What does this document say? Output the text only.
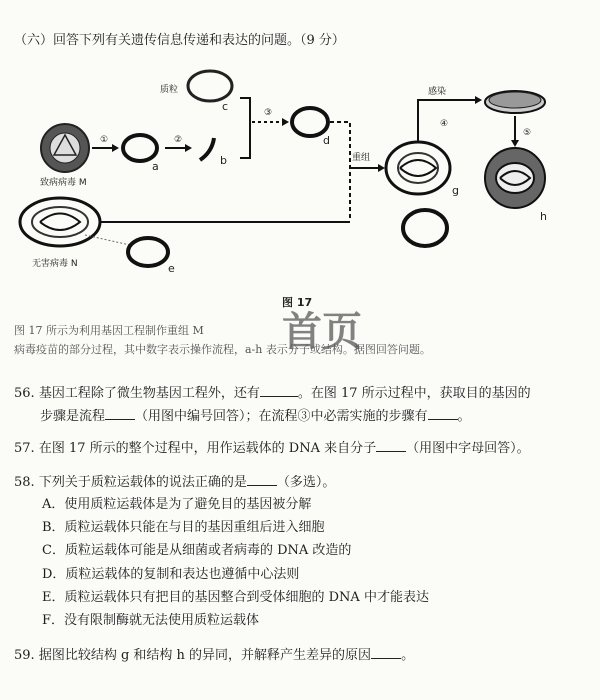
（六）回答下列有关遗传信息传递和表达的问题。（9 分）
致病病毒 M
①
a
②
b
质粒
c	③
d
重组
无害病毒 N	e
g
感染
④
⑤
h
图 17
首页
图 17 所示为利用基因工程制作重组 M
病毒疫苗的部分过程，其中数字表示操作流程，a-h 表示分子或结构。据图回答问题。
56. 基因工程除了微生物基因工程外，还有	。在图 17 所示过程中，获取目的基因的
步骤是流程 （用图中编号回答）；在流程③中必需实施的步骤有 。
57. 在图 17 所示的整个过程中，用作运载体的 DNA 来自分子 （用图中字母回答）。
58. 下列关于质粒运载体的说法正确的是 （多选）。
A．使用质粒运载体是为了避免目的基因被分解
B．质粒运载体只能在与目的基因重组后进入细胞
C．质粒运载体可能是从细菌或者病毒的 DNA 改造的
D．质粒运载体的复制和表达也遵循中心法则
E．质粒运载体只有把目的基因整合到受体细胞的 DNA 中才能表达
F．没有限制酶就无法使用质粒运载体
59. 据图比较结构 g 和结构 h 的异同，并解释产生差异的原因 。
